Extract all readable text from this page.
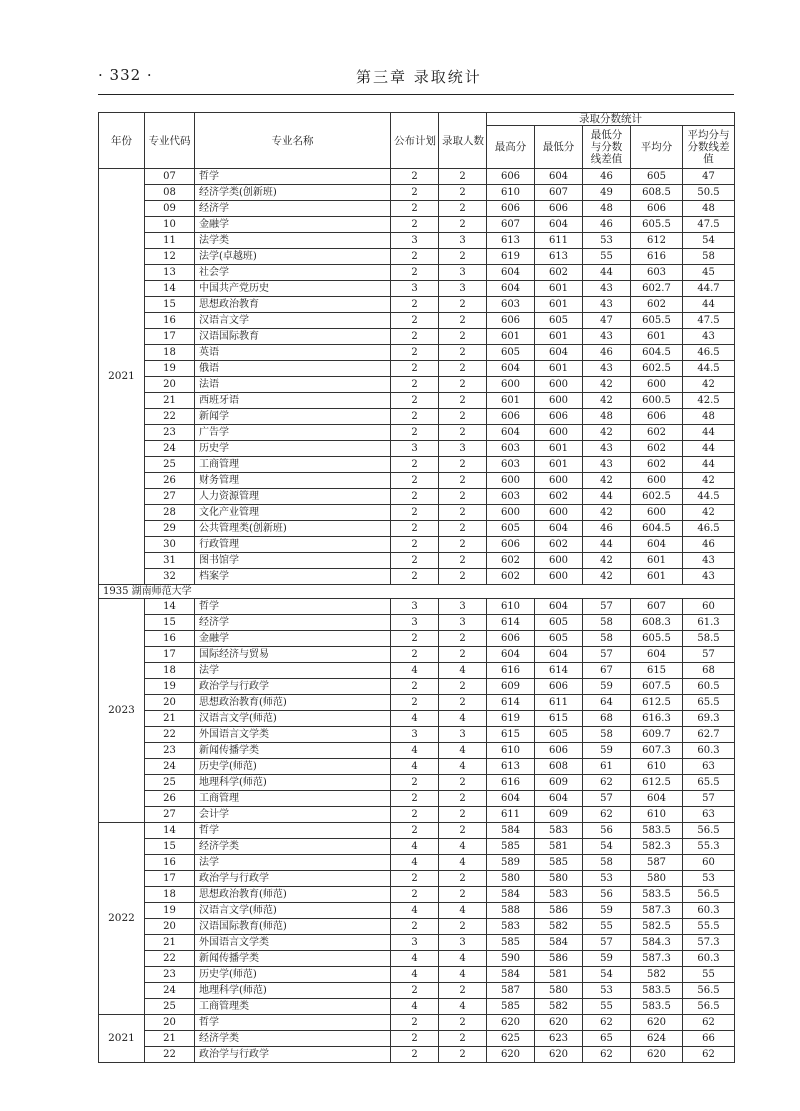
· 332 ·	第三章 录取统计
年份	专业代码	专业名称	公布计划	录取人数	录取分数统计				
					最高分	最低分	最低分与分数线差值	平均分	平均分与分数线差值
2021	07	哲学	2	2	606	604	46	605	47
	08	经济学类(创新班)	2	2	610	607	49	608.5	50.5
	09	经济学	2	2	606	606	48	606	48
	10	金融学	2	2	607	604	46	605.5	47.5
	11	法学类	3	3	613	611	53	612	54
	12	法学(卓越班)	2	2	619	613	55	616	58
	13	社会学	2	3	604	602	44	603	45
	14	中国共产党历史	3	3	604	601	43	602.7	44.7
	15	思想政治教育	2	2	603	601	43	602	44
	16	汉语言文学	2	2	606	605	47	605.5	47.5
	17	汉语国际教育	2	2	601	601	43	601	43
	18	英语	2	2	605	604	46	604.5	46.5
	19	俄语	2	2	604	601	43	602.5	44.5
	20	法语	2	2	600	600	42	600	42
	21	西班牙语	2	2	601	600	42	600.5	42.5
	22	新闻学	2	2	606	606	48	606	48
	23	广告学	2	2	604	600	42	602	44
	24	历史学	3	3	603	601	43	602	44
	25	工商管理	2	2	603	601	43	602	44
	26	财务管理	2	2	600	600	42	600	42
	27	人力资源管理	2	2	603	602	44	602.5	44.5
	28	文化产业管理	2	2	600	600	42	600	42
	29	公共管理类(创新班)	2	2	605	604	46	604.5	46.5
	30	行政管理	2	2	606	602	44	604	46
	31	图书馆学	2	2	602	600	42	601	43
	32	档案学	2	2	602	600	42	601	43
1935 湖南师范大学									
2023	14	哲学	3	3	610	604	57	607	60
	15	经济学	3	3	614	605	58	608.3	61.3
	16	金融学	2	2	606	605	58	605.5	58.5
	17	国际经济与贸易	2	2	604	604	57	604	57
	18	法学	4	4	616	614	67	615	68
	19	政治学与行政学	2	2	609	606	59	607.5	60.5
	20	思想政治教育(师范)	2	2	614	611	64	612.5	65.5
	21	汉语言文学(师范)	4	4	619	615	68	616.3	69.3
	22	外国语言文学类	3	3	615	605	58	609.7	62.7
	23	新闻传播学类	4	4	610	606	59	607.3	60.3
	24	历史学(师范)	4	4	613	608	61	610	63
	25	地理科学(师范)	2	2	616	609	62	612.5	65.5
	26	工商管理	2	2	604	604	57	604	57
	27	会计学	2	2	611	609	62	610	63
2022	14	哲学	2	2	584	583	56	583.5	56.5
	15	经济学类	4	4	585	581	54	582.3	55.3
	16	法学	4	4	589	585	58	587	60
	17	政治学与行政学	2	2	580	580	53	580	53
	18	思想政治教育(师范)	2	2	584	583	56	583.5	56.5
	19	汉语言文学(师范)	4	4	588	586	59	587.3	60.3
	20	汉语国际教育(师范)	2	2	583	582	55	582.5	55.5
	21	外国语言文学类	3	3	585	584	57	584.3	57.3
	22	新闻传播学类	4	4	590	586	59	587.3	60.3
	23	历史学(师范)	4	4	584	581	54	582	55
	24	地理科学(师范)	2	2	587	580	53	583.5	56.5
	25	工商管理类	4	4	585	582	55	583.5	56.5
2021	20	哲学	2	2	620	620	62	620	62
	21	经济学类	2	2	625	623	65	624	66
	22	政治学与行政学	2	2	620	620	62	620	62
